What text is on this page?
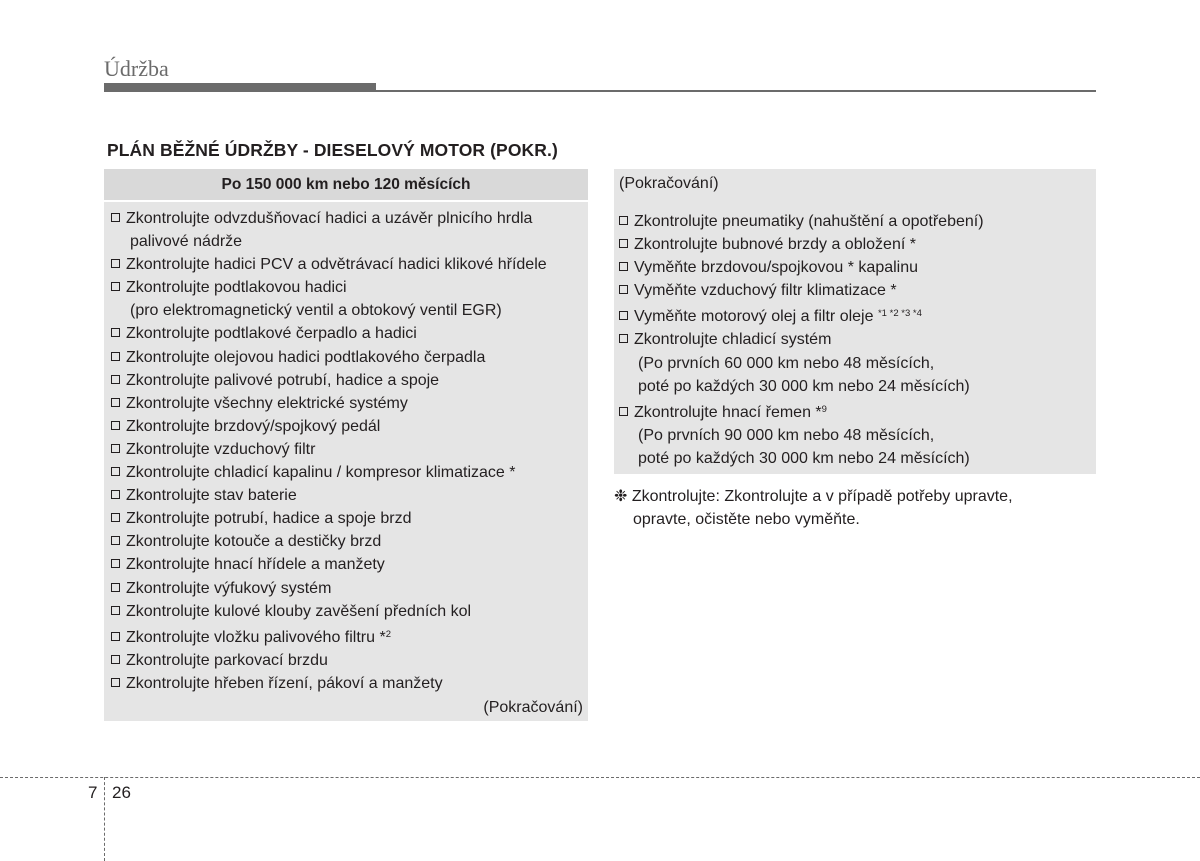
Údržba
PLÁN BĚŽNÉ ÚDRŽBY - DIESELOVÝ MOTOR (POKR.)
Po 150 000 km nebo 120 měsících
Zkontrolujte odvzdušňovací hadici a uzávěr plnicího hrdla
palivové nádrže
Zkontrolujte hadici PCV a odvětrávací hadici klikové hřídele
Zkontrolujte podtlakovou hadici
(pro elektromagnetický ventil a obtokový ventil EGR)
Zkontrolujte podtlakové čerpadlo a hadici
Zkontrolujte olejovou hadici podtlakového čerpadla
Zkontrolujte palivové potrubí, hadice a spoje
Zkontrolujte všechny elektrické systémy
Zkontrolujte brzdový/spojkový pedál
Zkontrolujte vzduchový filtr
Zkontrolujte chladicí kapalinu / kompresor klimatizace *
Zkontrolujte stav baterie
Zkontrolujte potrubí, hadice a spoje brzd
Zkontrolujte kotouče a destičky brzd
Zkontrolujte hnací hřídele a manžety
Zkontrolujte výfukový systém
Zkontrolujte kulové klouby zavěšení předních kol
Zkontrolujte vložku palivového filtru *$^2$
Zkontrolujte parkovací brzdu
Zkontrolujte hřeben řízení, pákoví a manžety
(Pokračování)
(Pokračování)
Zkontrolujte pneumatiky (nahuštění a opotřebení)
Zkontrolujte bubnové brzdy a obložení *
Vyměňte brzdovou/spojkovou * kapalinu
Vyměňte vzduchový filtr klimatizace *
Vyměňte motorový olej a filtr oleje $^{*1 *2 *3 *4}$
Zkontrolujte chladicí systém
(Po prvních 60 000 km nebo 48 měsících,
poté po každých 30 000 km nebo 24 měsících)
Zkontrolujte hnací řemen *$^9$
(Po prvních 90 000 km nebo 48 měsících,
poté po každých 30 000 km nebo 24 měsících)
❉ Zkontrolujte: Zkontrolujte a v případě potřeby upravte,
opravte, očistěte nebo vyměňte.
7 26
